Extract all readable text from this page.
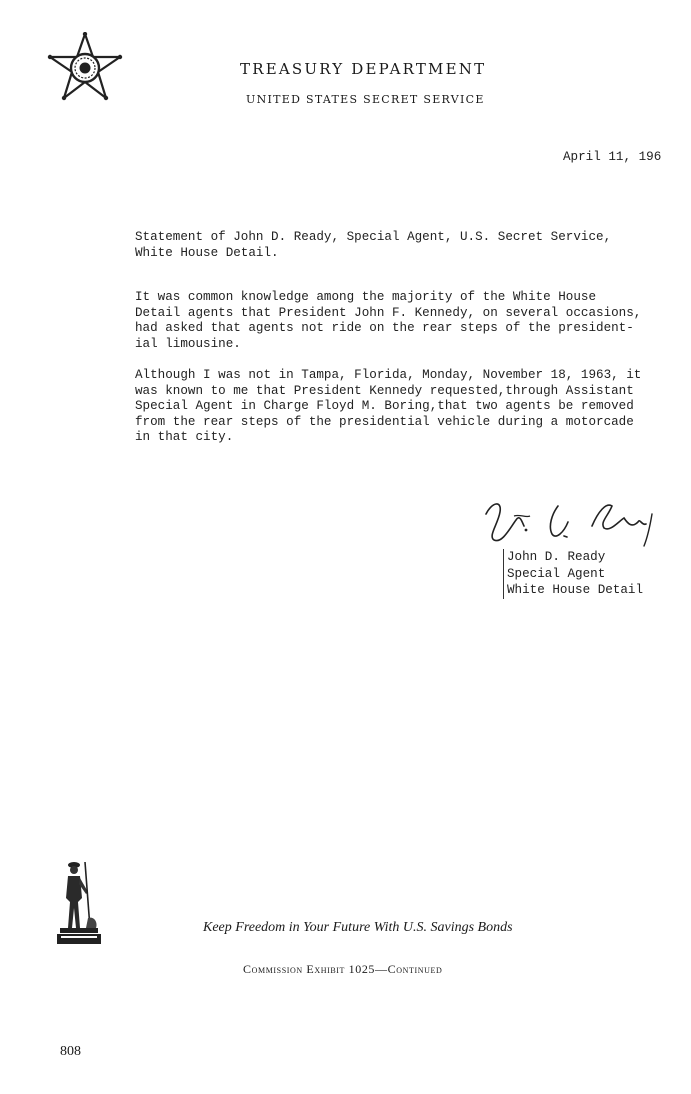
TREASURY DEPARTMENT
UNITED STATES SECRET SERVICE
April 11, 196
Statement of John D. Ready, Special Agent, U.S. Secret Service,
White House Detail.
It was common knowledge among the majority of the White House
Detail agents that President John F. Kennedy, on several occasions,
had asked that agents not ride on the rear steps of the president-
ial limousine.
Although I was not in Tampa, Florida, Monday, November 18, 1963, it
was known to me that President Kennedy requested,through Assistant
Special Agent in Charge Floyd M. Boring,that two agents be removed
from the rear steps of the presidential vehicle during a motorcade
in that city.
John D. Ready
Special Agent
White House Detail
Keep Freedom in Your Future With U.S. Savings Bonds
Commission Exhibit 1025—Continued
808
